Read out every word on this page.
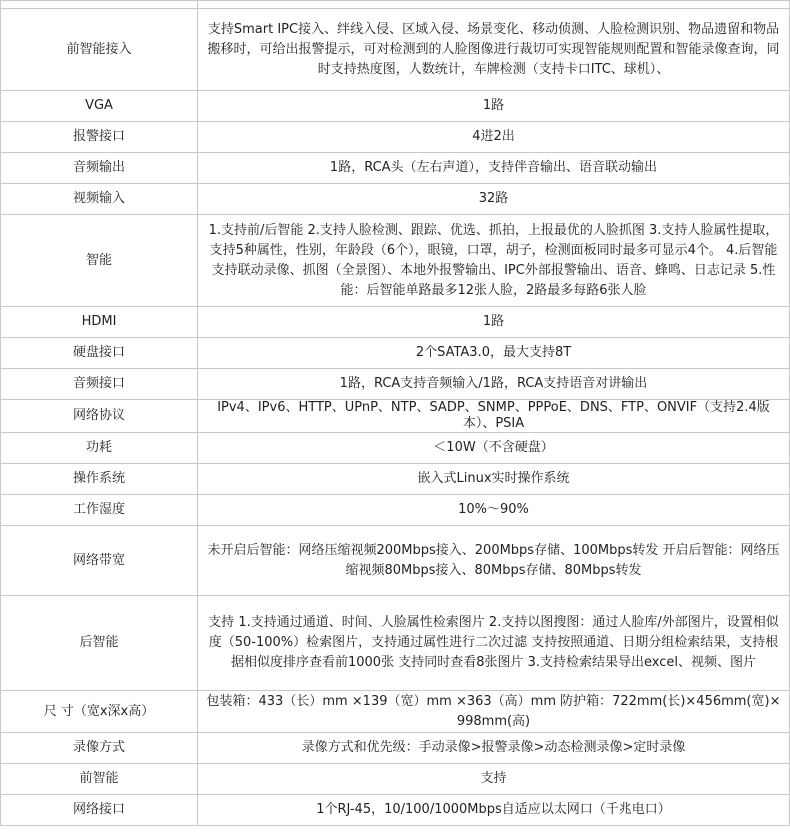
前智能接入	支持Smart IPC接入、绊线入侵、区域入侵、场景变化、移动侦测、人脸检测识别、物品遗留和物品搬移时，可给出报警提示，可对检测到的人脸图像进行裁切可实现智能规则配置和智能录像查询，同时支持热度图，人数统计，车牌检测（支持卡口ITC、球机）、
VGA	1路
报警接口	4进2出
音频输出	1路，RCA头（左右声道），支持伴音输出、语音联动输出
视频输入	32路
智能	1.支持前/后智能 2.支持人脸检测、跟踪、优选、抓拍，上报最优的人脸抓图 3.支持人脸属性提取，支持5种属性，性别，年龄段（6个），眼镜，口罩，胡子，检测面板同时最多可显示4个。 4.后智能支持联动录像、抓图（全景图）、本地外报警输出、IPC外部报警输出、语音、蜂鸣、日志记录 5.性能：后智能单路最多12张人脸，2路最多每路6张人脸
HDMI	1路
硬盘接口	2个SATA3.0，最大支持8T
音频接口	1路，RCA支持音频输入/1路，RCA支持语音对讲输出
网络协议	IPv4、IPv6、HTTP、UPnP、NTP、SADP、SNMP、PPPoE、DNS、FTP、ONVIF（支持2.4版本）、PSIA
功耗	＜10W（不含硬盘）
操作系统	嵌入式Linux实时操作系统
工作湿度	10%～90%
网络带宽	未开启后智能：网络压缩视频200Mbps接入、200Mbps存储、100Mbps转发 开启后智能：网络压缩视频80Mbps接入、80Mbps存储、80Mbps转发
后智能	支持 1.支持通过通道、时间、人脸属性检索图片 2.支持以图搜图：通过人脸库/外部图片，设置相似度（50-100%）检索图片，支持通过属性进行二次过滤 支持按照通道、日期分组检索结果，支持根据相似度排序查看前1000张 支持同时查看8张图片 3.支持检索结果导出excel、视频、图片
尺 寸（宽x深x高）	包装箱：433（长）mm ×139（宽）mm ×363（高）mm 防护箱：722mm(长)×456mm(宽)×998mm(高)
录像方式	录像方式和优先级：手动录像>报警录像>动态检测录像>定时录像
前智能	支持
网络接口	1个RJ-45，10/100/1000Mbps自适应以太网口（千兆电口）
